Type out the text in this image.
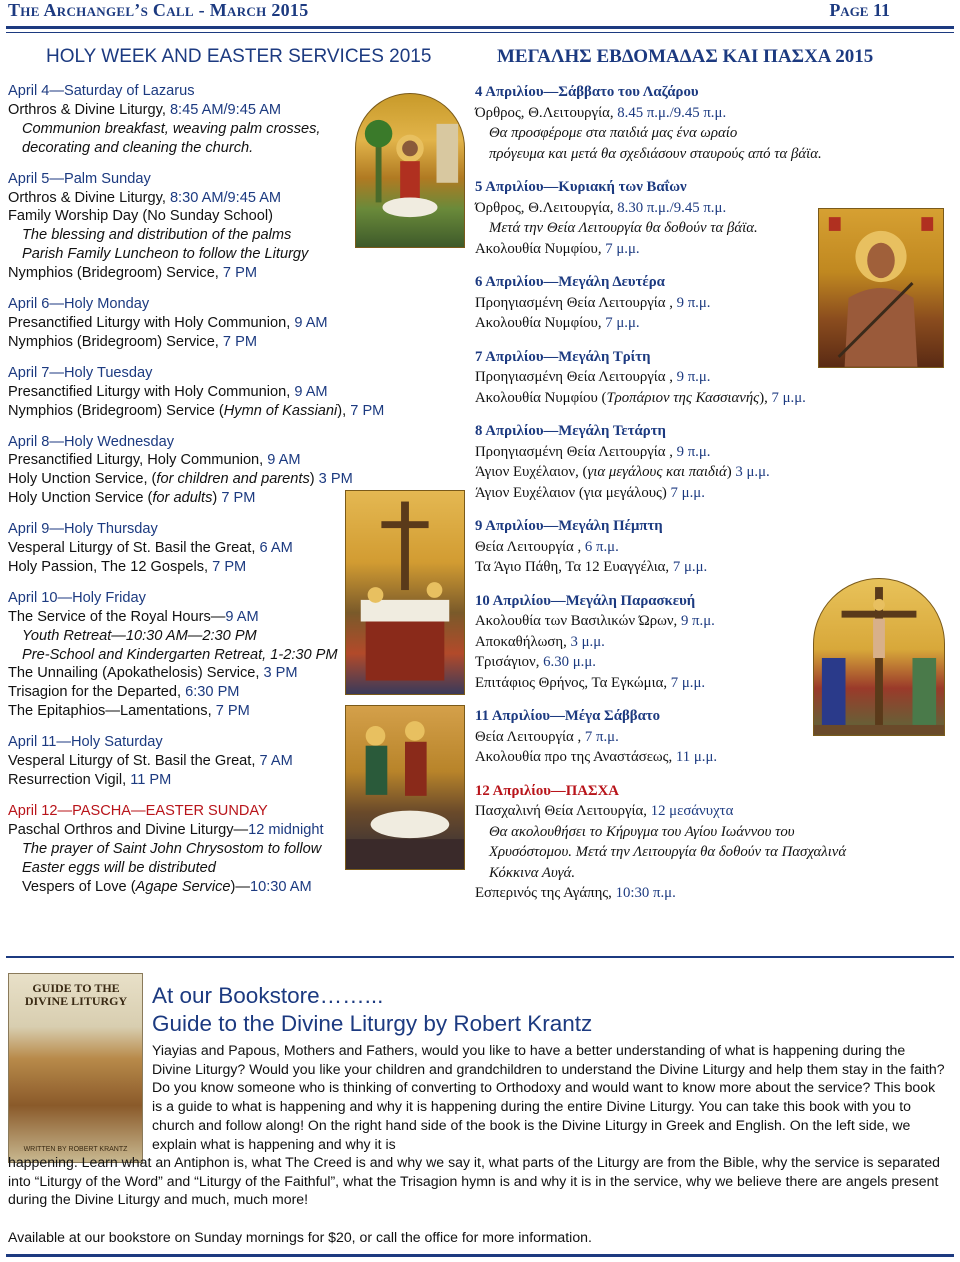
The Archangel’s Call - March 2015	Page 11
HOLY WEEK AND EASTER SERVICES 2015	ΜΕΓΑΛΗΣ ΕΒΔΟΜΑΔΑΣ ΚΑΙ ΠΑΣΧΑ 2015
April 4—Saturday of Lazarus
Orthros & Divine Liturgy, 8:45 AM/9:45 AM
Communion breakfast, weaving palm crosses,
decorating and cleaning the church.
April 5—Palm Sunday
Orthros & Divine Liturgy, 8:30 AM/9:45 AM
Family Worship Day (No Sunday School)
The blessing and distribution of the palms
Parish Family Luncheon to follow the Liturgy
Nymphios (Bridegroom) Service, 7 PM
April 6—Holy Monday
Presanctified Liturgy with Holy Communion, 9 AM
Nymphios (Bridegroom) Service, 7 PM
April 7—Holy Tuesday
Presanctified Liturgy with Holy Communion, 9 AM
Nymphios (Bridegroom) Service (Hymn of Kassiani), 7 PM
April 8—Holy Wednesday
Presanctified Liturgy, Holy Communion, 9 AM
Holy Unction Service, (for children and parents) 3 PM
Holy Unction Service (for adults) 7 PM
April 9—Holy Thursday
Vesperal Liturgy of St. Basil the Great, 6 AM
Holy Passion, The 12 Gospels, 7 PM
April 10—Holy Friday
The Service of the Royal Hours—9 AM
Youth Retreat—10:30 AM—2:30 PM
Pre-School and Kindergarten Retreat, 1-2:30 PM
The Unnailing (Apokathelosis) Service, 3 PM
Trisagion for the Departed, 6:30 PM
The Epitaphios—Lamentations, 7 PM
April 11—Holy Saturday
Vesperal Liturgy of St. Basil the Great, 7 AM
Resurrection Vigil, 11 PM
April 12—PASCHA—EASTER SUNDAY
Paschal Orthros and Divine Liturgy—12 midnight
The prayer of Saint John Chrysostom to follow
Easter eggs will be distributed
Vespers of Love (Agape Service)—10:30 AM
4 Απριλίου—Σάββατο του Λαζάρου
Όρθρος, Θ.Λειτουργία, 8.45 π.μ./9.45 π.μ.
Θα προσφέρομε στα παιδιά μας ένα ωραίο
πρόγευμα και μετά θα σχεδιάσουν σταυρούς από τα βάϊα.
5 Απριλίου—Κυριακή των Βαΐων
Όρθρος, Θ.Λειτουργία, 8.30 π.μ./9.45 π.μ.
Μετά την Θεία Λειτουργία θα δοθούν τα βάϊα.
Ακολουθία Νυμφίου, 7 μ.μ.
6 Απριλίου—Μεγάλη Δευτέρα
Προηγιασμένη Θεία Λειτουργία , 9 π.μ.
Ακολουθία Νυμφίου, 7 μ.μ.
7 Απριλίου—Μεγάλη Τρίτη
Προηγιασμένη Θεία Λειτουργία , 9 π.μ.
Ακολουθία Νυμφίου (Τροπάριον της Κασσιανής), 7 μ.μ.
8 Απριλίου—Μεγάλη Τετάρτη
Προηγιασμένη Θεία Λειτουργία , 9 π.μ.
Άγιον Ευχέλαιον, (για μεγάλους και παιδιά) 3 μ.μ.
Άγιον Ευχέλαιον (για μεγάλους) 7 μ.μ.
9 Απριλίου—Μεγάλη Πέμπτη
Θεία Λειτουργία , 6 π.μ.
Τα Άγιο Πάθη, Τα 12 Ευαγγέλια, 7 μ.μ.
10 Απριλίου—Μεγάλη Παρασκευή
Ακολουθία των Βασιλικών Ώρων, 9 π.μ.
Αποκαθήλωση, 3 μ.μ.
Τρισάγιον, 6.30 μ.μ.
Επιτάφιος Θρήνος, Τα Εγκώμια, 7 μ.μ.
11 Απριλίου—Μέγα Σάββατο
Θεία Λειτουργία , 7 π.μ.
Ακολουθία προ της Αναστάσεως, 11 μ.μ.
12 Απριλίου—ΠΑΣΧΑ
Πασχαλινή Θεία Λειτουργία, 12 μεσάνυχτα
Θα ακολουθήσει το Κήρυγμα του Αγίου Ιωάννου του
Χρυσόστομου. Μετά την Λειτουργία θα δοθούν τα Πασχαλινά
Κόκκινα Αυγά.
Εσπερινός της Αγάπης, 10:30 π.μ.
GUIDE TO THE DIVINE LITURGY
WRITTEN BY ROBERT KRANTZ
At our Bookstore……...
Guide to the Divine Liturgy by Robert Krantz
Yiayias and Papous, Mothers and Fathers, would you like to have a better understanding of what is happening during the Divine Liturgy? Would you like your children and grandchildren to understand the Divine Liturgy and help them stay in the faith? Do you know someone who is thinking of converting to Orthodoxy and would want to know more about the service? This book is a guide to what is happening and why it is happening during the entire Divine Liturgy. You can take this book with you to church and follow along! On the right hand side of the book is the Divine Liturgy in Greek and English. On the left side, we explain what is happening and why it is
happening. Learn what an Antiphon is, what The Creed is and why we say it, what parts of the Liturgy are from the Bible, why the service is separated into “Liturgy of the Word” and “Liturgy of the Faithful”, what the Trisagion hymn is and why it is in the service, why we believe there are angels present during the Divine Liturgy and much, much more!
Available at our bookstore on Sunday mornings for $20, or call the office for more information.
